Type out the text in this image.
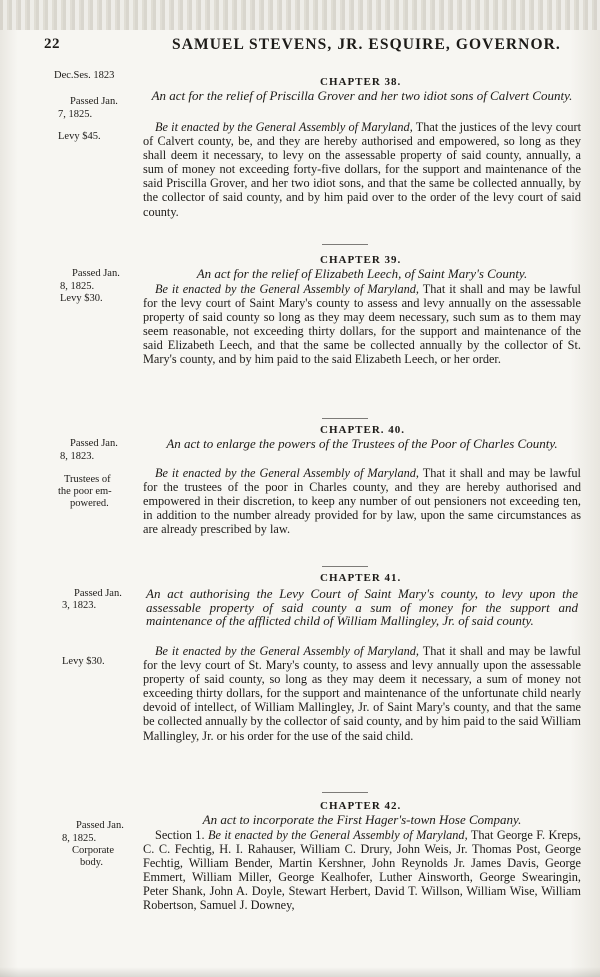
22	SAMUEL STEVENS, JR. ESQUIRE, GOVERNOR.
Dec.Ses. 1823
Passed Jan.
7, 1825.
Levy $45.
CHAPTER 38.
An act for the relief of Priscilla Grover and her two idiot sons of Calvert County.
Be it enacted by the General Assembly of Maryland, That the justices of the levy court of Calvert county, be, and they are hereby authorised and empowered, so long as they shall deem it necessary, to levy on the assessable property of said county, annually, a sum of money not exceeding forty-five dollars, for the support and maintenance of the said Priscilla Grover, and her two idiot sons, and that the same be collected annually, by the collector of said county, and by him paid over to the order of the levy court of said county.
CHAPTER 39.
Passed Jan.
8, 1825.
Levy $30.
An act for the relief of Elizabeth Leech, of Saint Mary's County.
Be it enacted by the General Assembly of Maryland, That it shall and may be lawful for the levy court of Saint Mary's county to assess and levy annually on the assessable property of said county so long as they may deem necessary, such sum as to them may seem reasonable, not exceeding thirty dollars, for the support and maintenance of the said Elizabeth Leech, and that the same be collected annually by the collector of St. Mary's county, and by him paid to the said Elizabeth Leech, or her order.
CHAPTER. 40.
Passed Jan.
8, 1823.
Trustees of
the poor em-
powered.
An act to enlarge the powers of the Trustees of the Poor of Charles County.
Be it enacted by the General Assembly of Maryland, That it shall and may be lawful for the trustees of the poor in Charles county, and they are hereby authorised and empowered in their discretion, to keep any number of out pensioners not exceeding ten, in addition to the number already provided for by law, upon the same circumstances as are already prescribed by law.
CHAPTER 41.
Passed Jan.
3, 1823.
Levy $30.
An act authorising the Levy Court of Saint Mary's county, to levy upon the assessable property of said county a sum of money for the support and maintenance of the afflicted child of William Mallingley, Jr. of said county.
Be it enacted by the General Assembly of Maryland, That it shall and may be lawful for the levy court of St. Mary's county, to assess and levy annually upon the assessable property of said county, so long as they may deem it necessary, a sum of money not exceeding thirty dollars, for the support and maintenance of the unfortunate child nearly devoid of intellect, of William Mallingley, Jr. of Saint Mary's county, and that the same be collected annually by the collector of said county, and by him paid to the said William Mallingley, Jr. or his order for the use of the said child.
CHAPTER 42.
Passed Jan.
8, 1825.
Corporate
body.
An act to incorporate the First Hager's-town Hose Company.
Section 1. Be it enacted by the General Assembly of Maryland, That George F. Kreps, C. C. Fechtig, H. I. Rahauser, William C. Drury, John Weis, Jr. Thomas Post, George Fechtig, William Bender, Martin Kershner, John Reynolds Jr. James Davis, George Emmert, William Miller, George Kealhofer, Luther Ainsworth, George Swearingin, Peter Shank, John A. Doyle, Stewart Herbert, David T. Willson, William Wise, William Robertson, Samuel J. Downey,
